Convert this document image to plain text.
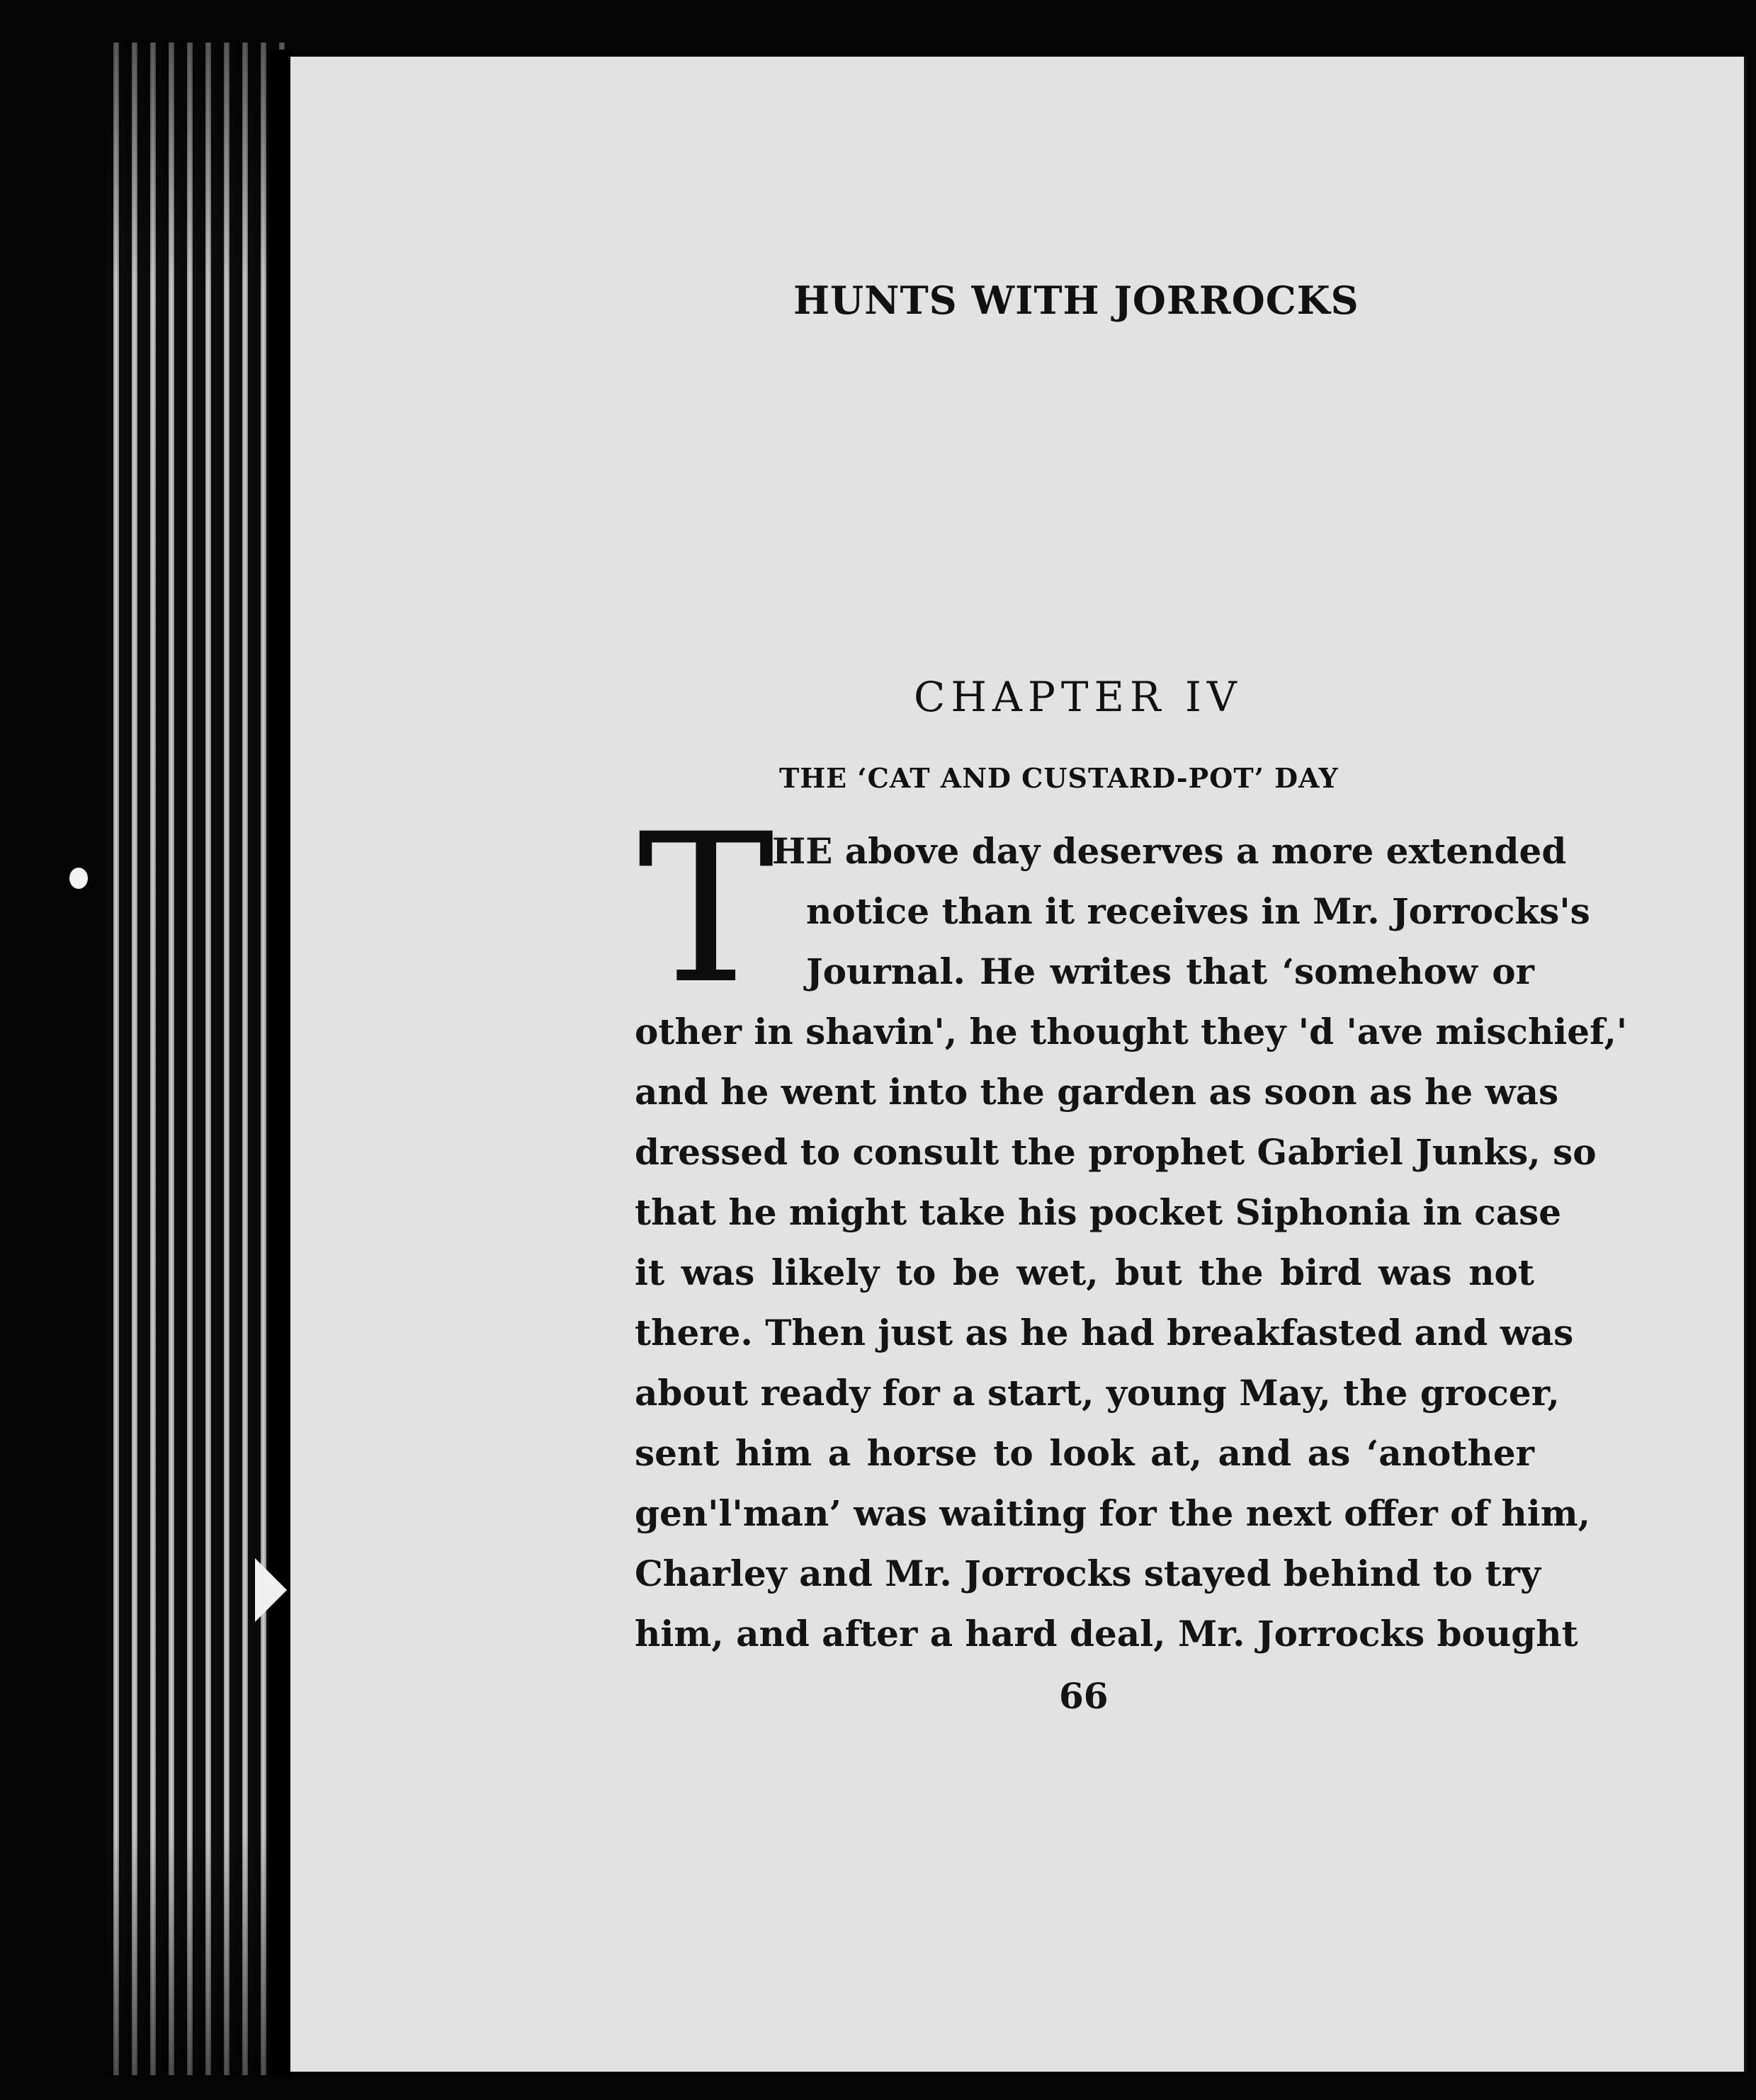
HUNTS WITH JORROCKS
CHAPTER IV
THE ‘CAT AND CUSTARD-POT’ DAY
T
HE above day deserves a more extended
notice than it receives in Mr. Jorrocks's
Journal. He writes that ‘somehow or
other in shavin', he thought they 'd 'ave mischief,'
and he went into the garden as soon as he was
dressed to consult the prophet Gabriel Junks, so
that he might take his pocket Siphonia in case
it was likely to be wet, but the bird was not
there. Then just as he had breakfasted and was
about ready for a start, young May, the grocer,
sent him a horse to look at, and as ‘another
gen'l'man’ was waiting for the next offer of him,
Charley and Mr. Jorrocks stayed behind to try
him, and after a hard deal, Mr. Jorrocks bought
66
